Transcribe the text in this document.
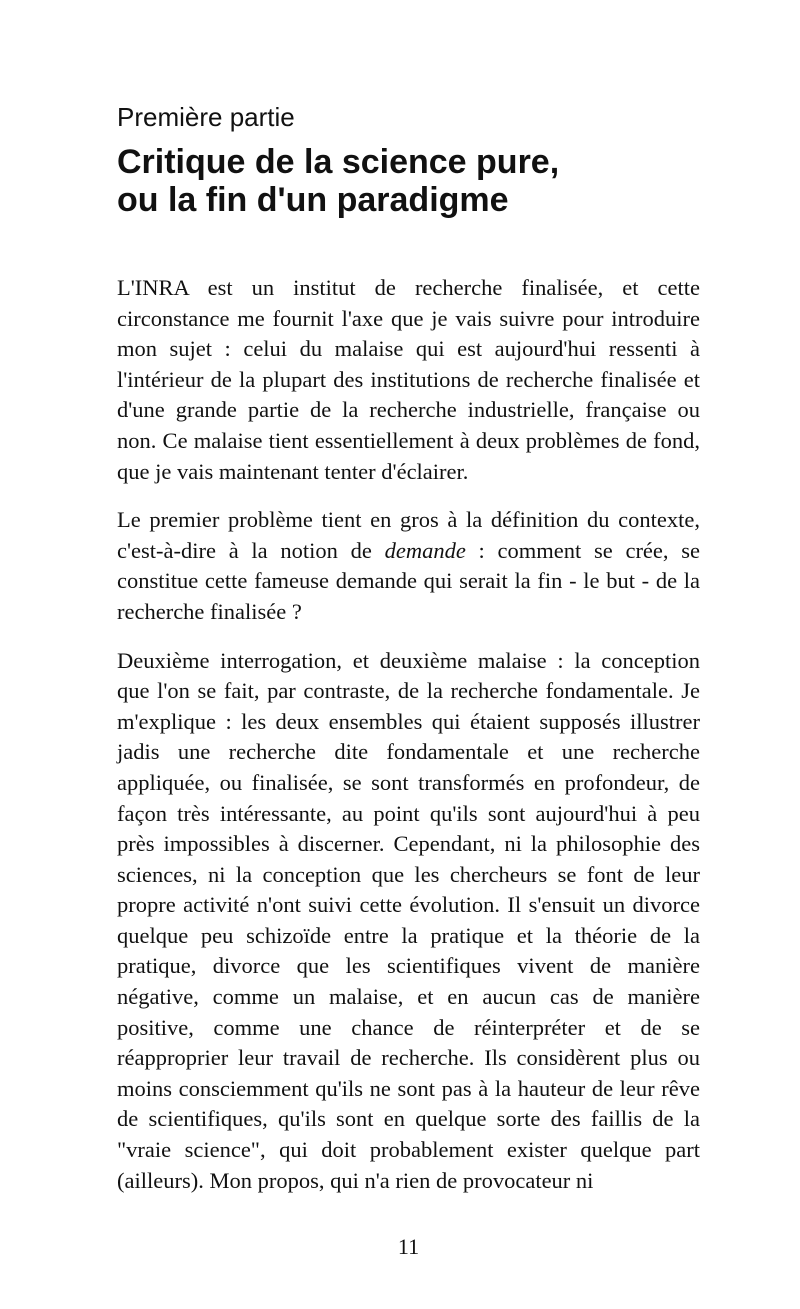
Première partie
Critique de la science pure,
ou la fin d'un paradigme

L'INRA est un institut de recherche finalisée, et cette circonstance me fournit l'axe que je vais suivre pour introduire mon sujet : celui du malaise qui est aujourd'hui ressenti à l'intérieur de la plupart des institutions de recherche finalisée et d'une grande partie de la recherche industrielle, française ou non. Ce malaise tient essentiellement à deux problèmes de fond, que je vais maintenant tenter d'éclairer.

Le premier problème tient en gros à la définition du contexte, c'est-à-dire à la notion de demande : comment se crée, se constitue cette fameuse demande qui serait la fin - le but - de la recherche finalisée ?

Deuxième interrogation, et deuxième malaise : la conception que l'on se fait, par contraste, de la recherche fondamentale. Je m'explique : les deux ensembles qui étaient supposés illustrer jadis une recherche dite fondamentale et une recherche appliquée, ou finalisée, se sont transformés en profondeur, de façon très intéressante, au point qu'ils sont aujourd'hui à peu près impossibles à discerner. Cependant, ni la philosophie des sciences, ni la conception que les chercheurs se font de leur propre activité n'ont suivi cette évolution. Il s'ensuit un divorce quelque peu schizoïde entre la pratique et la théorie de la pratique, divorce que les scientifiques vivent de manière négative, comme un malaise, et en aucun cas de manière positive, comme une chance de réinterpréter et de se réapproprier leur travail de recherche. Ils considèrent plus ou moins consciemment qu'ils ne sont pas à la hauteur de leur rêve de scientifiques, qu'ils sont en quelque sorte des faillis de la "vraie science", qui doit probablement exister quelque part (ailleurs). Mon propos, qui n'a rien de provocateur ni

11
